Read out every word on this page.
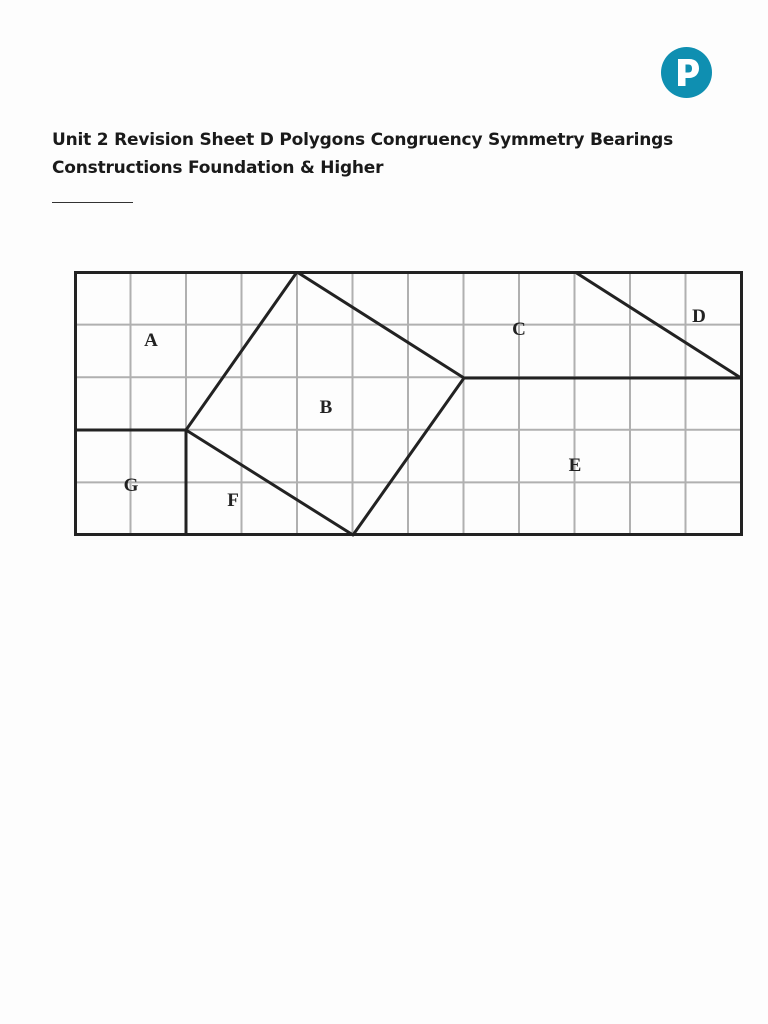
Unit 2 Revision Sheet D Polygons Congruency Symmetry Bearings Constructions Foundation & Higher
A
B
C
D
E
F
G
